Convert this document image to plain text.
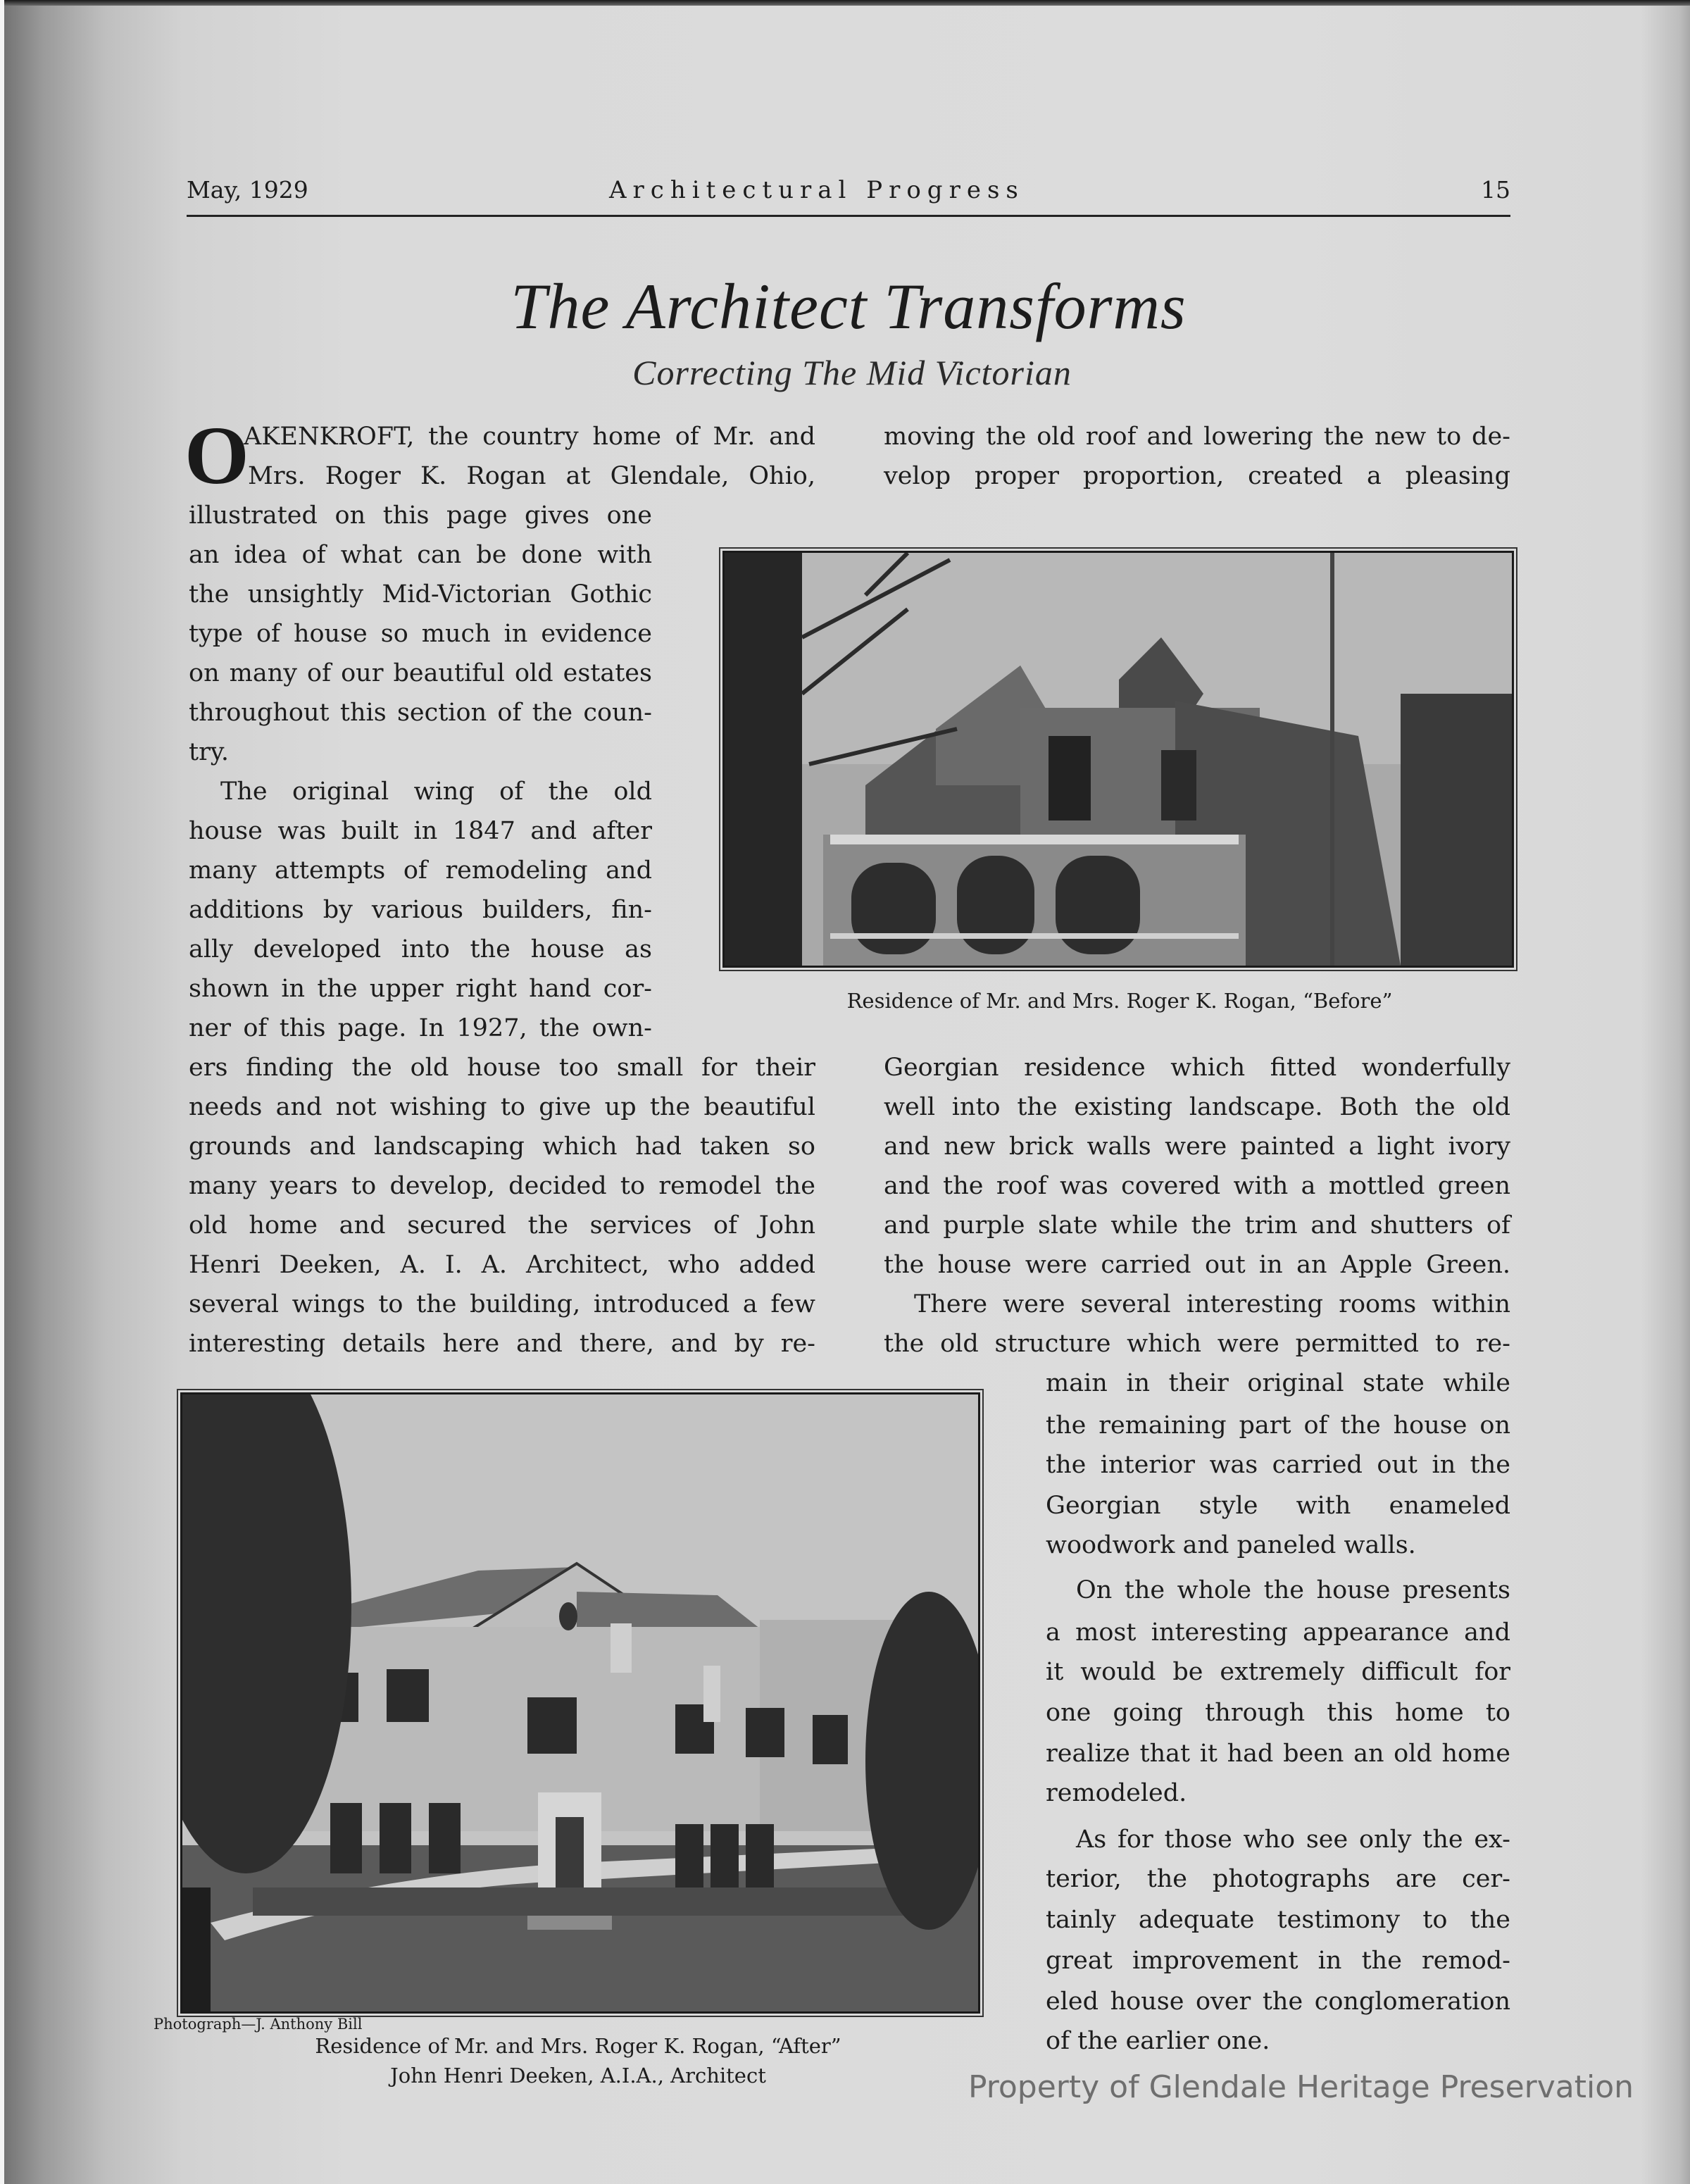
May, 1929	Architectural Progress	15
The Architect Transforms
Correcting The Mid Victorian
O
AKENKROFT, the country home of Mr. and
Mrs. Roger K. Rogan at Glendale, Ohio,
illustrated on this page gives one
an idea of what can be done with
the unsightly Mid-Victorian Gothic
type of house so much in evidence
on many of our beautiful old estates
throughout this section of the coun-
try.
The original wing of the old
house was built in 1847 and after
many attempts of remodeling and
additions by various builders, fin-
ally developed into the house as
shown in the upper right hand cor-
ner of this page. In 1927, the own-
ers finding the old house too small for their
needs and not wishing to give up the beautiful
grounds and landscaping which had taken so
many years to develop, decided to remodel the
old home and secured the services of John
Henri Deeken, A. I. A. Architect, who added
several wings to the building, introduced a few
interesting details here and there, and by re-
moving the old roof and lowering the new to de-
velop proper proportion, created a pleasing
Residence of Mr. and Mrs. Roger K. Rogan, “Before”
Georgian residence which fitted wonderfully
well into the existing landscape. Both the old
and new brick walls were painted a light ivory
and the roof was covered with a mottled green
and purple slate while the trim and shutters of
the house were carried out in an Apple Green.
There were several interesting rooms within
the old structure which were permitted to re-
Photograph—J. Anthony Bill
Residence of Mr. and Mrs. Roger K. Rogan, “After”
John Henri Deeken, A.I.A., Architect
main in their original state while
the remaining part of the house on
the interior was carried out in the
Georgian style with enameled
woodwork and paneled walls.
On the whole the house presents
a most interesting appearance and
it would be extremely difficult for
one going through this home to
realize that it had been an old home
remodeled.
As for those who see only the ex-
terior, the photographs are cer-
tainly adequate testimony to the
great improvement in the remod-
eled house over the conglomeration
of the earlier one.
Property of Glendale Heritage Preservation
